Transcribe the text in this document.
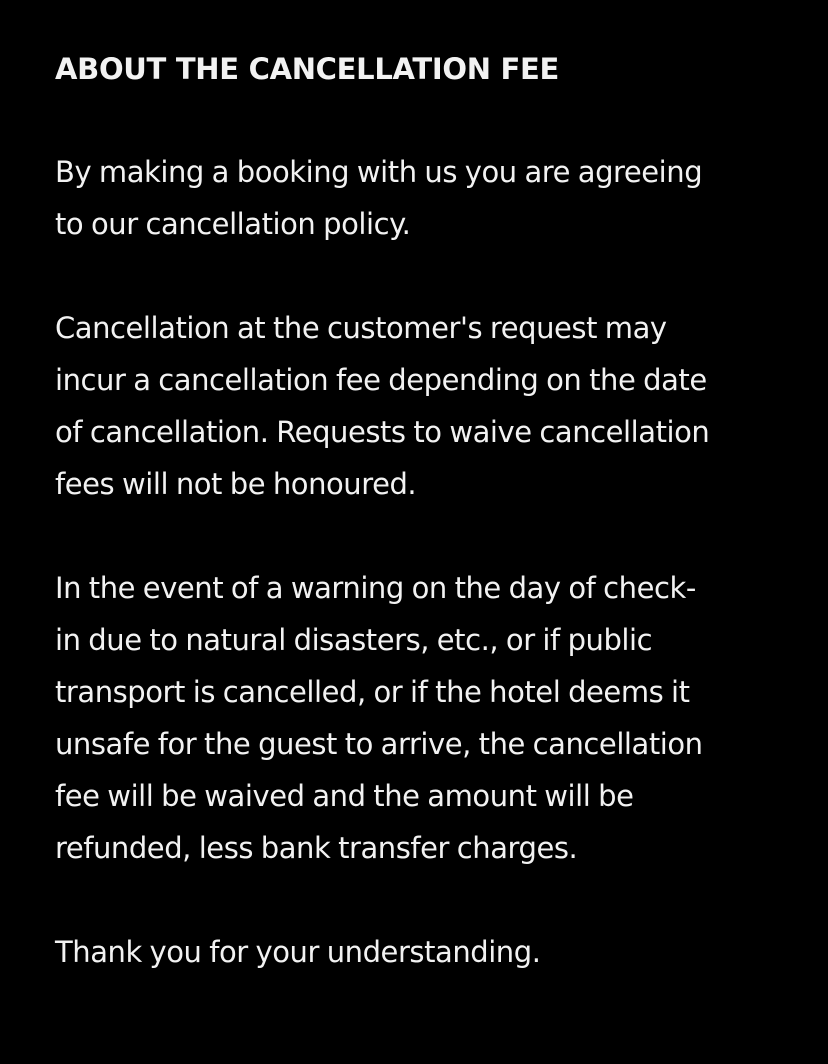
ABOUT THE CANCELLATION FEE

By making a booking with us you are agreeing
to our cancellation policy.

Cancellation at the customer's request may
incur a cancellation fee depending on the date
of cancellation. Requests to waive cancellation
fees will not be honoured.

In the event of a warning on the day of check-
in due to natural disasters, etc., or if public
transport is cancelled, or if the hotel deems it
unsafe for the guest to arrive, the cancellation
fee will be waived and the amount will be
refunded, less bank transfer charges.

Thank you for your understanding.
